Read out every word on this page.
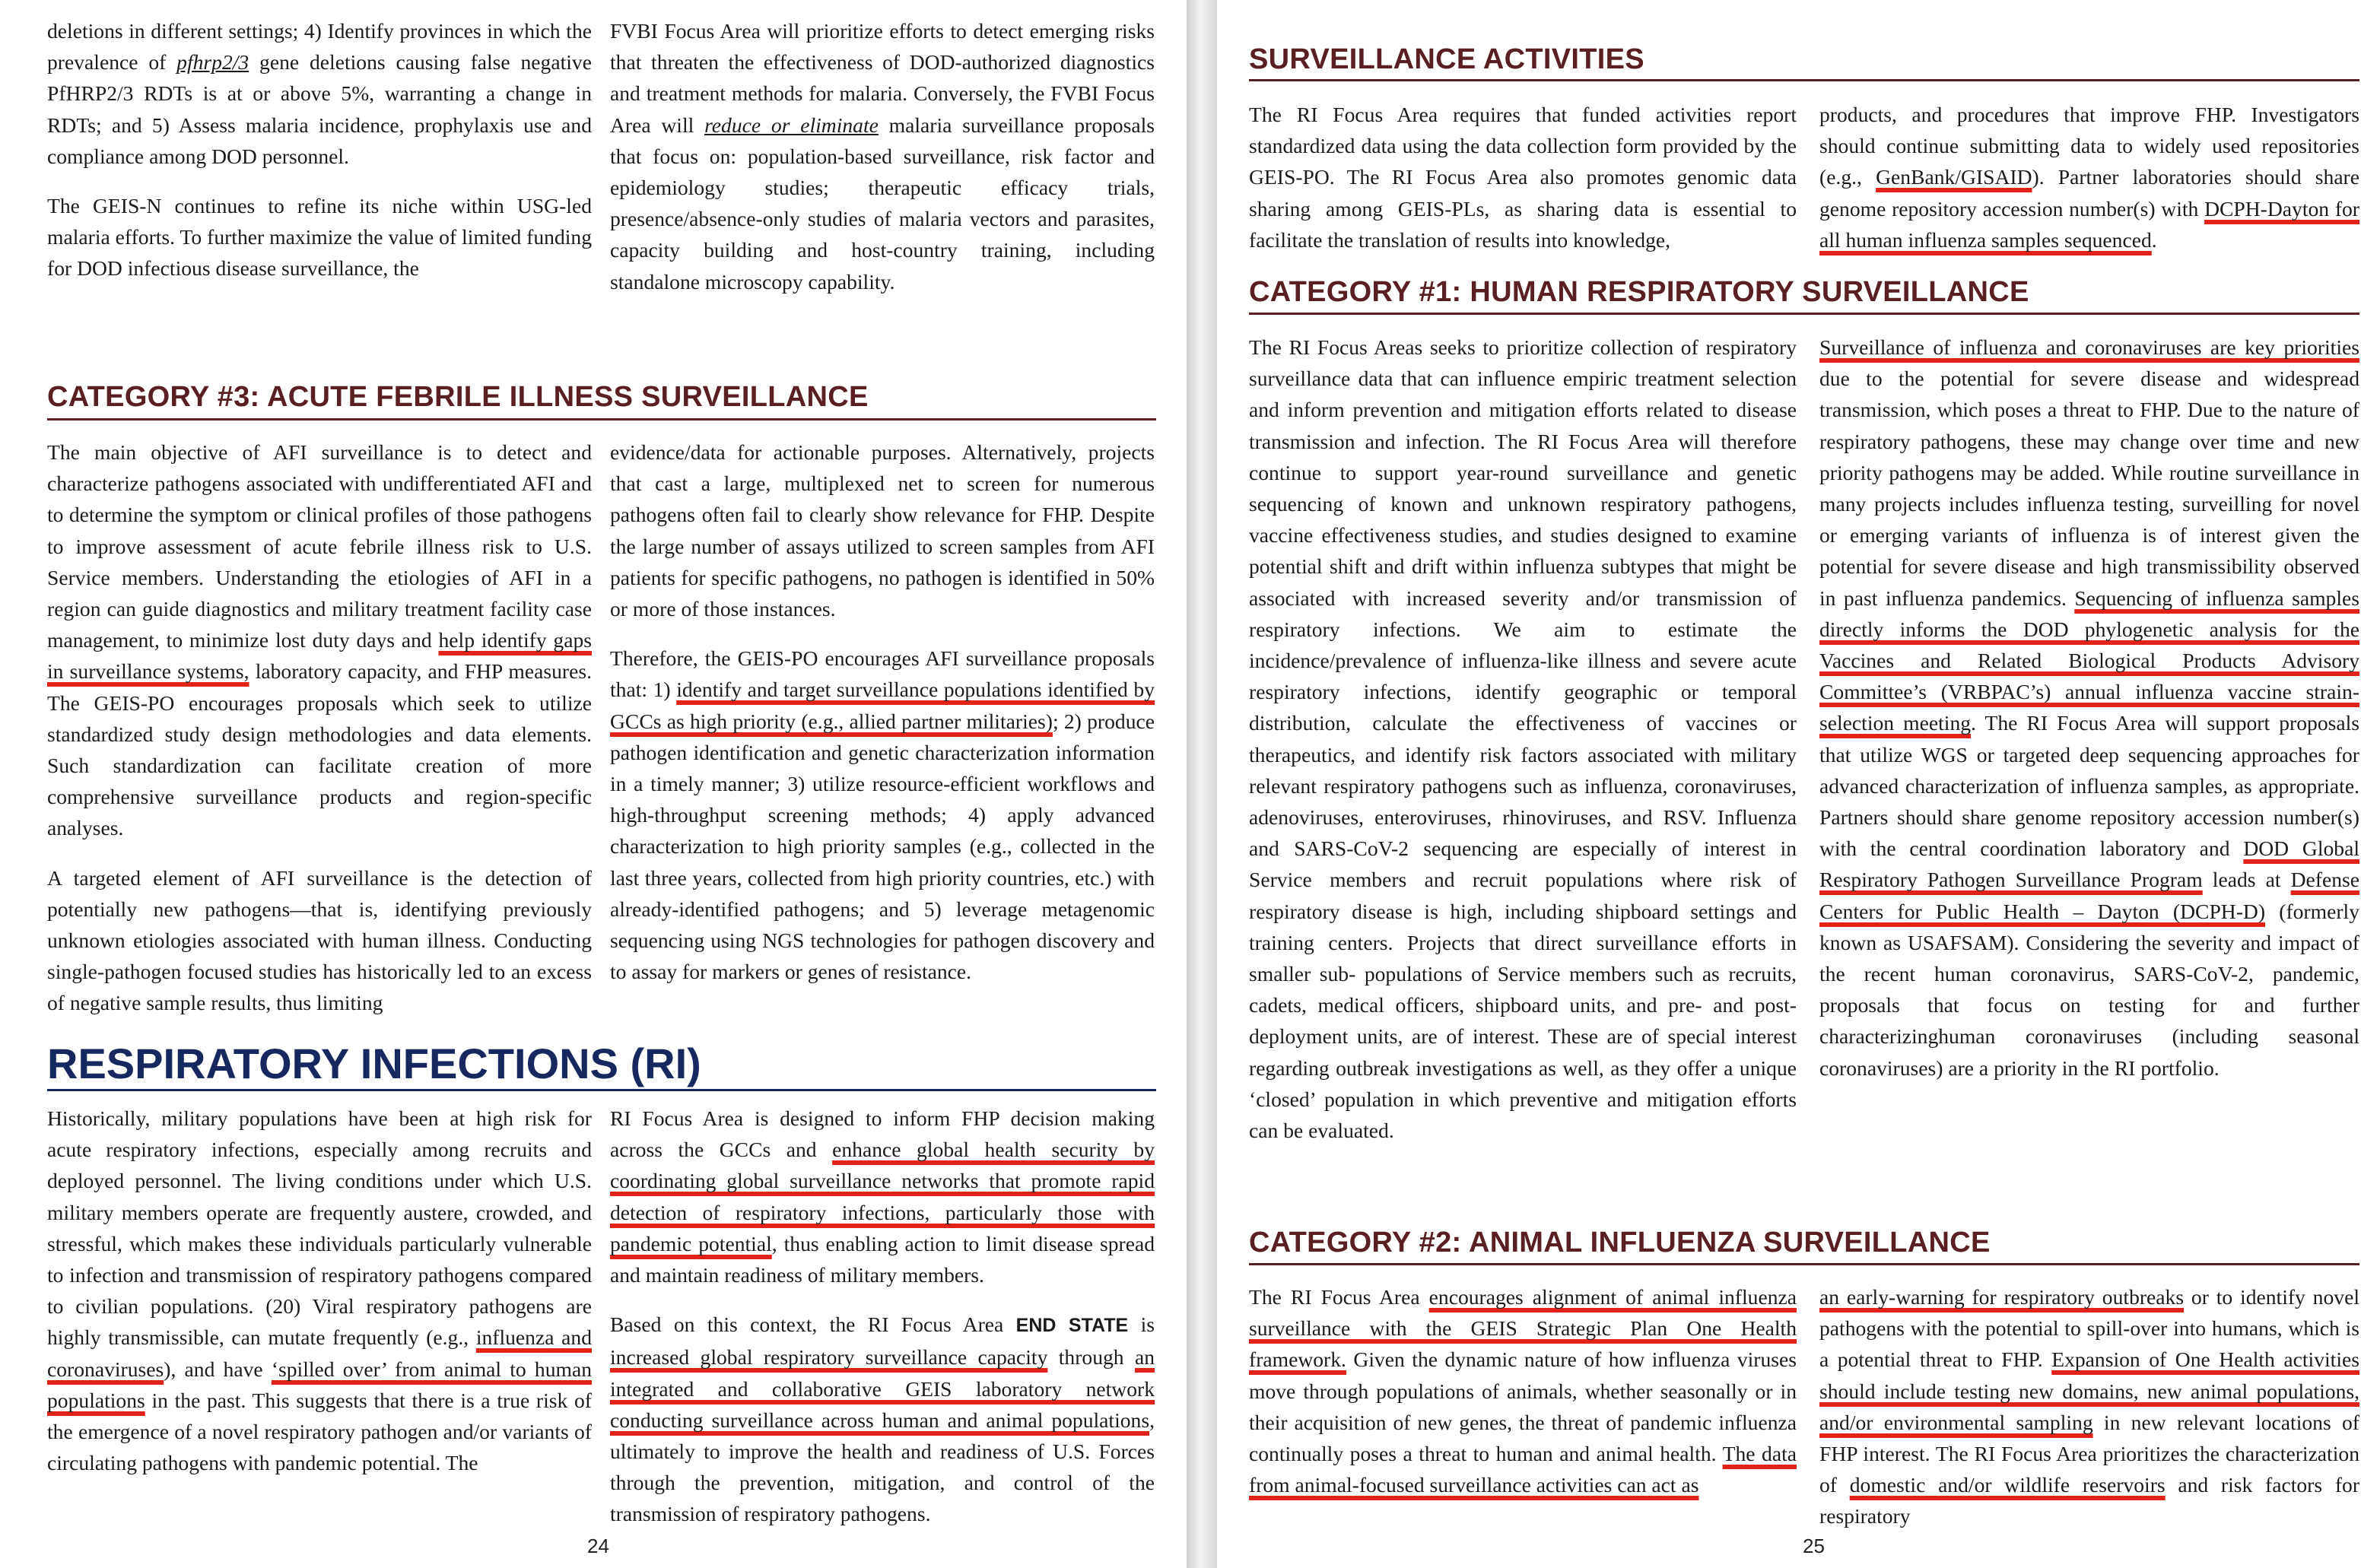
deletions in different settings; 4) Identify provinces in which the prevalence of pfhrp2/3 gene deletions causing false negative PfHRP2/3 RDTs is at or above 5%, warranting a change in RDTs; and 5) Assess malaria incidence, prophylaxis use and compliance among DOD personnel.

The GEIS-N continues to refine its niche within USG-led malaria efforts. To further maximize the value of limited funding for DOD infectious disease surveillance, the

FVBI Focus Area will prioritize efforts to detect emerging risks that threaten the effectiveness of DOD-authorized diagnostics and treatment methods for malaria. Conversely, the FVBI Focus Area will reduce or eliminate malaria surveillance proposals that focus on: population-based surveillance, risk factor and epidemiology studies; therapeutic efficacy trials, presence/absence-only studies of malaria vectors and parasites, capacity building and host-country training, including standalone microscopy capability.

CATEGORY #3: ACUTE FEBRILE ILLNESS SURVEILLANCE

The main objective of AFI surveillance is to detect and characterize pathogens associated with undifferentiated AFI and to determine the symptom or clinical profiles of those pathogens to improve assessment of acute febrile illness risk to U.S. Service members. Understanding the etiologies of AFI in a region can guide diagnostics and military treatment facility case management, to minimize lost duty days and help identify gaps in surveillance systems, laboratory capacity, and FHP measures. The GEIS-PO encourages proposals which seek to utilize standardized study design methodologies and data elements. Such standardization can facilitate creation of more comprehensive surveillance products and region-specific analyses.

A targeted element of AFI surveillance is the detection of potentially new pathogens—that is, identifying previously unknown etiologies associated with human illness. Conducting single-pathogen focused studies has historically led to an excess of negative sample results, thus limiting

evidence/data for actionable purposes. Alternatively, projects that cast a large, multiplexed net to screen for numerous pathogens often fail to clearly show relevance for FHP. Despite the large number of assays utilized to screen samples from AFI patients for specific pathogens, no pathogen is identified in 50% or more of those instances.

Therefore, the GEIS-PO encourages AFI surveillance proposals that: 1) identify and target surveillance populations identified by GCCs as high priority (e.g., allied partner militaries); 2) produce pathogen identification and genetic characterization information in a timely manner; 3) utilize resource-efficient workflows and high-throughput screening methods; 4) apply advanced characterization to high priority samples (e.g., collected in the last three years, collected from high priority countries, etc.) with already-identified pathogens; and 5) leverage metagenomic sequencing using NGS technologies for pathogen discovery and to assay for markers or genes of resistance.

RESPIRATORY INFECTIONS (RI)

Historically, military populations have been at high risk for acute respiratory infections, especially among recruits and deployed personnel. The living conditions under which U.S. military members operate are frequently austere, crowded, and stressful, which makes these individuals particularly vulnerable to infection and transmission of respiratory pathogens compared to civilian populations. (20) Viral respiratory pathogens are highly transmissible, can mutate frequently (e.g., influenza and coronaviruses), and have ‘spilled over’ from animal to human populations in the past. This suggests that there is a true risk of the emergence of a novel respiratory pathogen and/or variants of circulating pathogens with pandemic potential. The

RI Focus Area is designed to inform FHP decision making across the GCCs and enhance global health security by coordinating global surveillance networks that promote rapid detection of respiratory infections, particularly those with pandemic potential, thus enabling action to limit disease spread and maintain readiness of military members.

Based on this context, the RI Focus Area END STATE is increased global respiratory surveillance capacity through an integrated and collaborative GEIS laboratory network conducting surveillance across human and animal populations, ultimately to improve the health and readiness of U.S. Forces through the prevention, mitigation, and control of the transmission of respiratory pathogens.

24
SURVEILLANCE ACTIVITIES

The RI Focus Area requires that funded activities report standardized data using the data collection form provided by the GEIS-PO. The RI Focus Area also promotes genomic data sharing among GEIS-PLs, as sharing data is essential to facilitate the translation of results into knowledge,

products, and procedures that improve FHP. Investigators should continue submitting data to widely used repositories (e.g., GenBank/GISAID). Partner laboratories should share genome repository accession number(s) with DCPH-Dayton for all human influenza samples sequenced.

CATEGORY #1: HUMAN RESPIRATORY SURVEILLANCE

The RI Focus Areas seeks to prioritize collection of respiratory surveillance data that can influence empiric treatment selection and inform prevention and mitigation efforts related to disease transmission and infection. The RI Focus Area will therefore continue to support year-round surveillance and genetic sequencing of known and unknown respiratory pathogens, vaccine effectiveness studies, and studies designed to examine potential shift and drift within influenza subtypes that might be associated with increased severity and/or transmission of respiratory infections. We aim to estimate the incidence/prevalence of influenza-like illness and severe acute respiratory infections, identify geographic or temporal distribution, calculate the effectiveness of vaccines or therapeutics, and identify risk factors associated with military relevant respiratory pathogens such as influenza, coronaviruses, adenoviruses, enteroviruses, rhinoviruses, and RSV. Influenza and SARS-CoV-2 sequencing are especially of interest in Service members and recruit populations where risk of respiratory disease is high, including shipboard settings and training centers. Projects that direct surveillance efforts in smaller sub- populations of Service members such as recruits, cadets, medical officers, shipboard units, and pre- and post-deployment units, are of interest. These are of special interest regarding outbreak investigations as well, as they offer a unique ‘closed’ population in which preventive and mitigation efforts can be evaluated.

Surveillance of influenza and coronaviruses are key priorities due to the potential for severe disease and widespread transmission, which poses a threat to FHP. Due to the nature of respiratory pathogens, these may change over time and new priority pathogens may be added. While routine surveillance in many projects includes influenza testing, surveilling for novel or emerging variants of influenza is of interest given the potential for severe disease and high transmissibility observed in past influenza pandemics. Sequencing of influenza samples directly informs the DOD phylogenetic analysis for the Vaccines and Related Biological Products Advisory Committee’s (VRBPAC’s) annual influenza vaccine strain-selection meeting. The RI Focus Area will support proposals that utilize WGS or targeted deep sequencing approaches for advanced characterization of influenza samples, as appropriate. Partners should share genome repository accession number(s) with the central coordination laboratory and DOD Global Respiratory Pathogen Surveillance Program leads at Defense Centers for Public Health – Dayton (DCPH-D) (formerly known as USAFSAM). Considering the severity and impact of the recent human coronavirus, SARS-CoV-2, pandemic, proposals that focus on testing for and further characterizinghuman coronaviruses (including seasonal coronaviruses) are a priority in the RI portfolio.

CATEGORY #2: ANIMAL INFLUENZA SURVEILLANCE

The RI Focus Area encourages alignment of animal influenza surveillance with the GEIS Strategic Plan One Health framework. Given the dynamic nature of how influenza viruses move through populations of animals, whether seasonally or in their acquisition of new genes, the threat of pandemic influenza continually poses a threat to human and animal health. The data from animal-focused surveillance activities can act as

an early-warning for respiratory outbreaks or to identify novel pathogens with the potential to spill-over into humans, which is a potential threat to FHP. Expansion of One Health activities should include testing new domains, new animal populations, and/or environmental sampling in new relevant locations of FHP interest. The RI Focus Area prioritizes the characterization of domestic and/or wildlife reservoirs and risk factors for respiratory

25
